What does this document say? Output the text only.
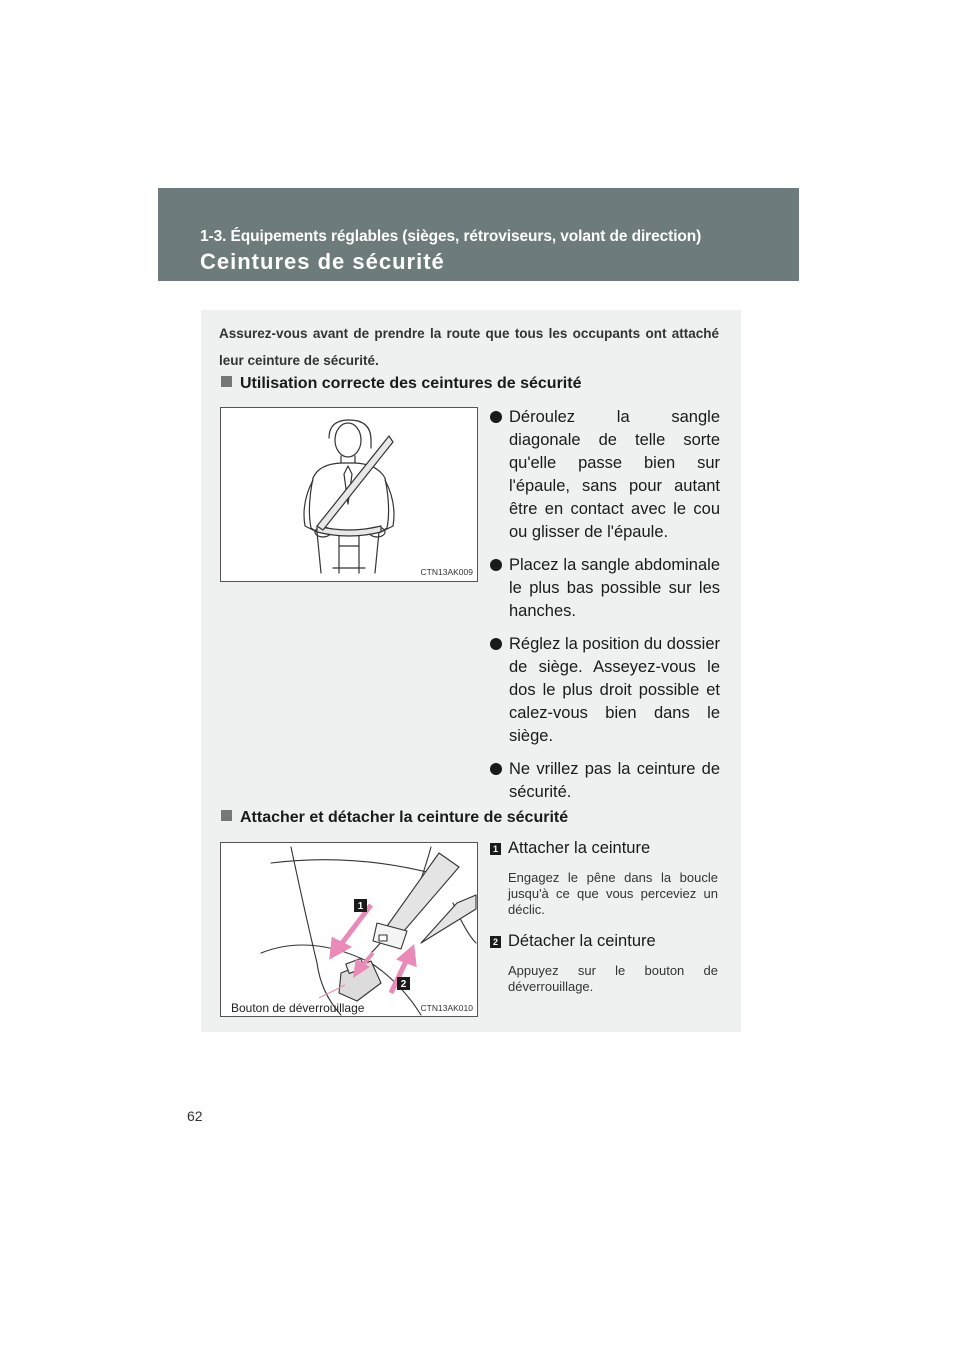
1-3. Équipements réglables (sièges, rétroviseurs, volant de direction)
Ceintures de sécurité
Assurez-vous avant de prendre la route que tous les occupants ont attaché leur ceinture de sécurité.
Utilisation correcte des ceintures de sécurité
CTN13AK009
Déroulez la sangle diagonale de telle sorte qu'elle passe bien sur l'épaule, sans pour autant être en contact avec le cou ou glisser de l'épaule.
Placez la sangle abdominale le plus bas possible sur les hanches.
Réglez la position du dossier de siège. Asseyez-vous le dos le plus droit possible et calez-vous bien dans le siège.
Ne vrillez pas la ceinture de sécurité.
Attacher et détacher la ceinture de sécurité
1
2
Bouton de déverrouillage	CTN13AK010
1 Attacher la ceinture
Engagez le pêne dans la boucle jusqu'à ce que vous perceviez un déclic.
2 Détacher la ceinture
Appuyez sur le bouton de déverrouillage.
62
